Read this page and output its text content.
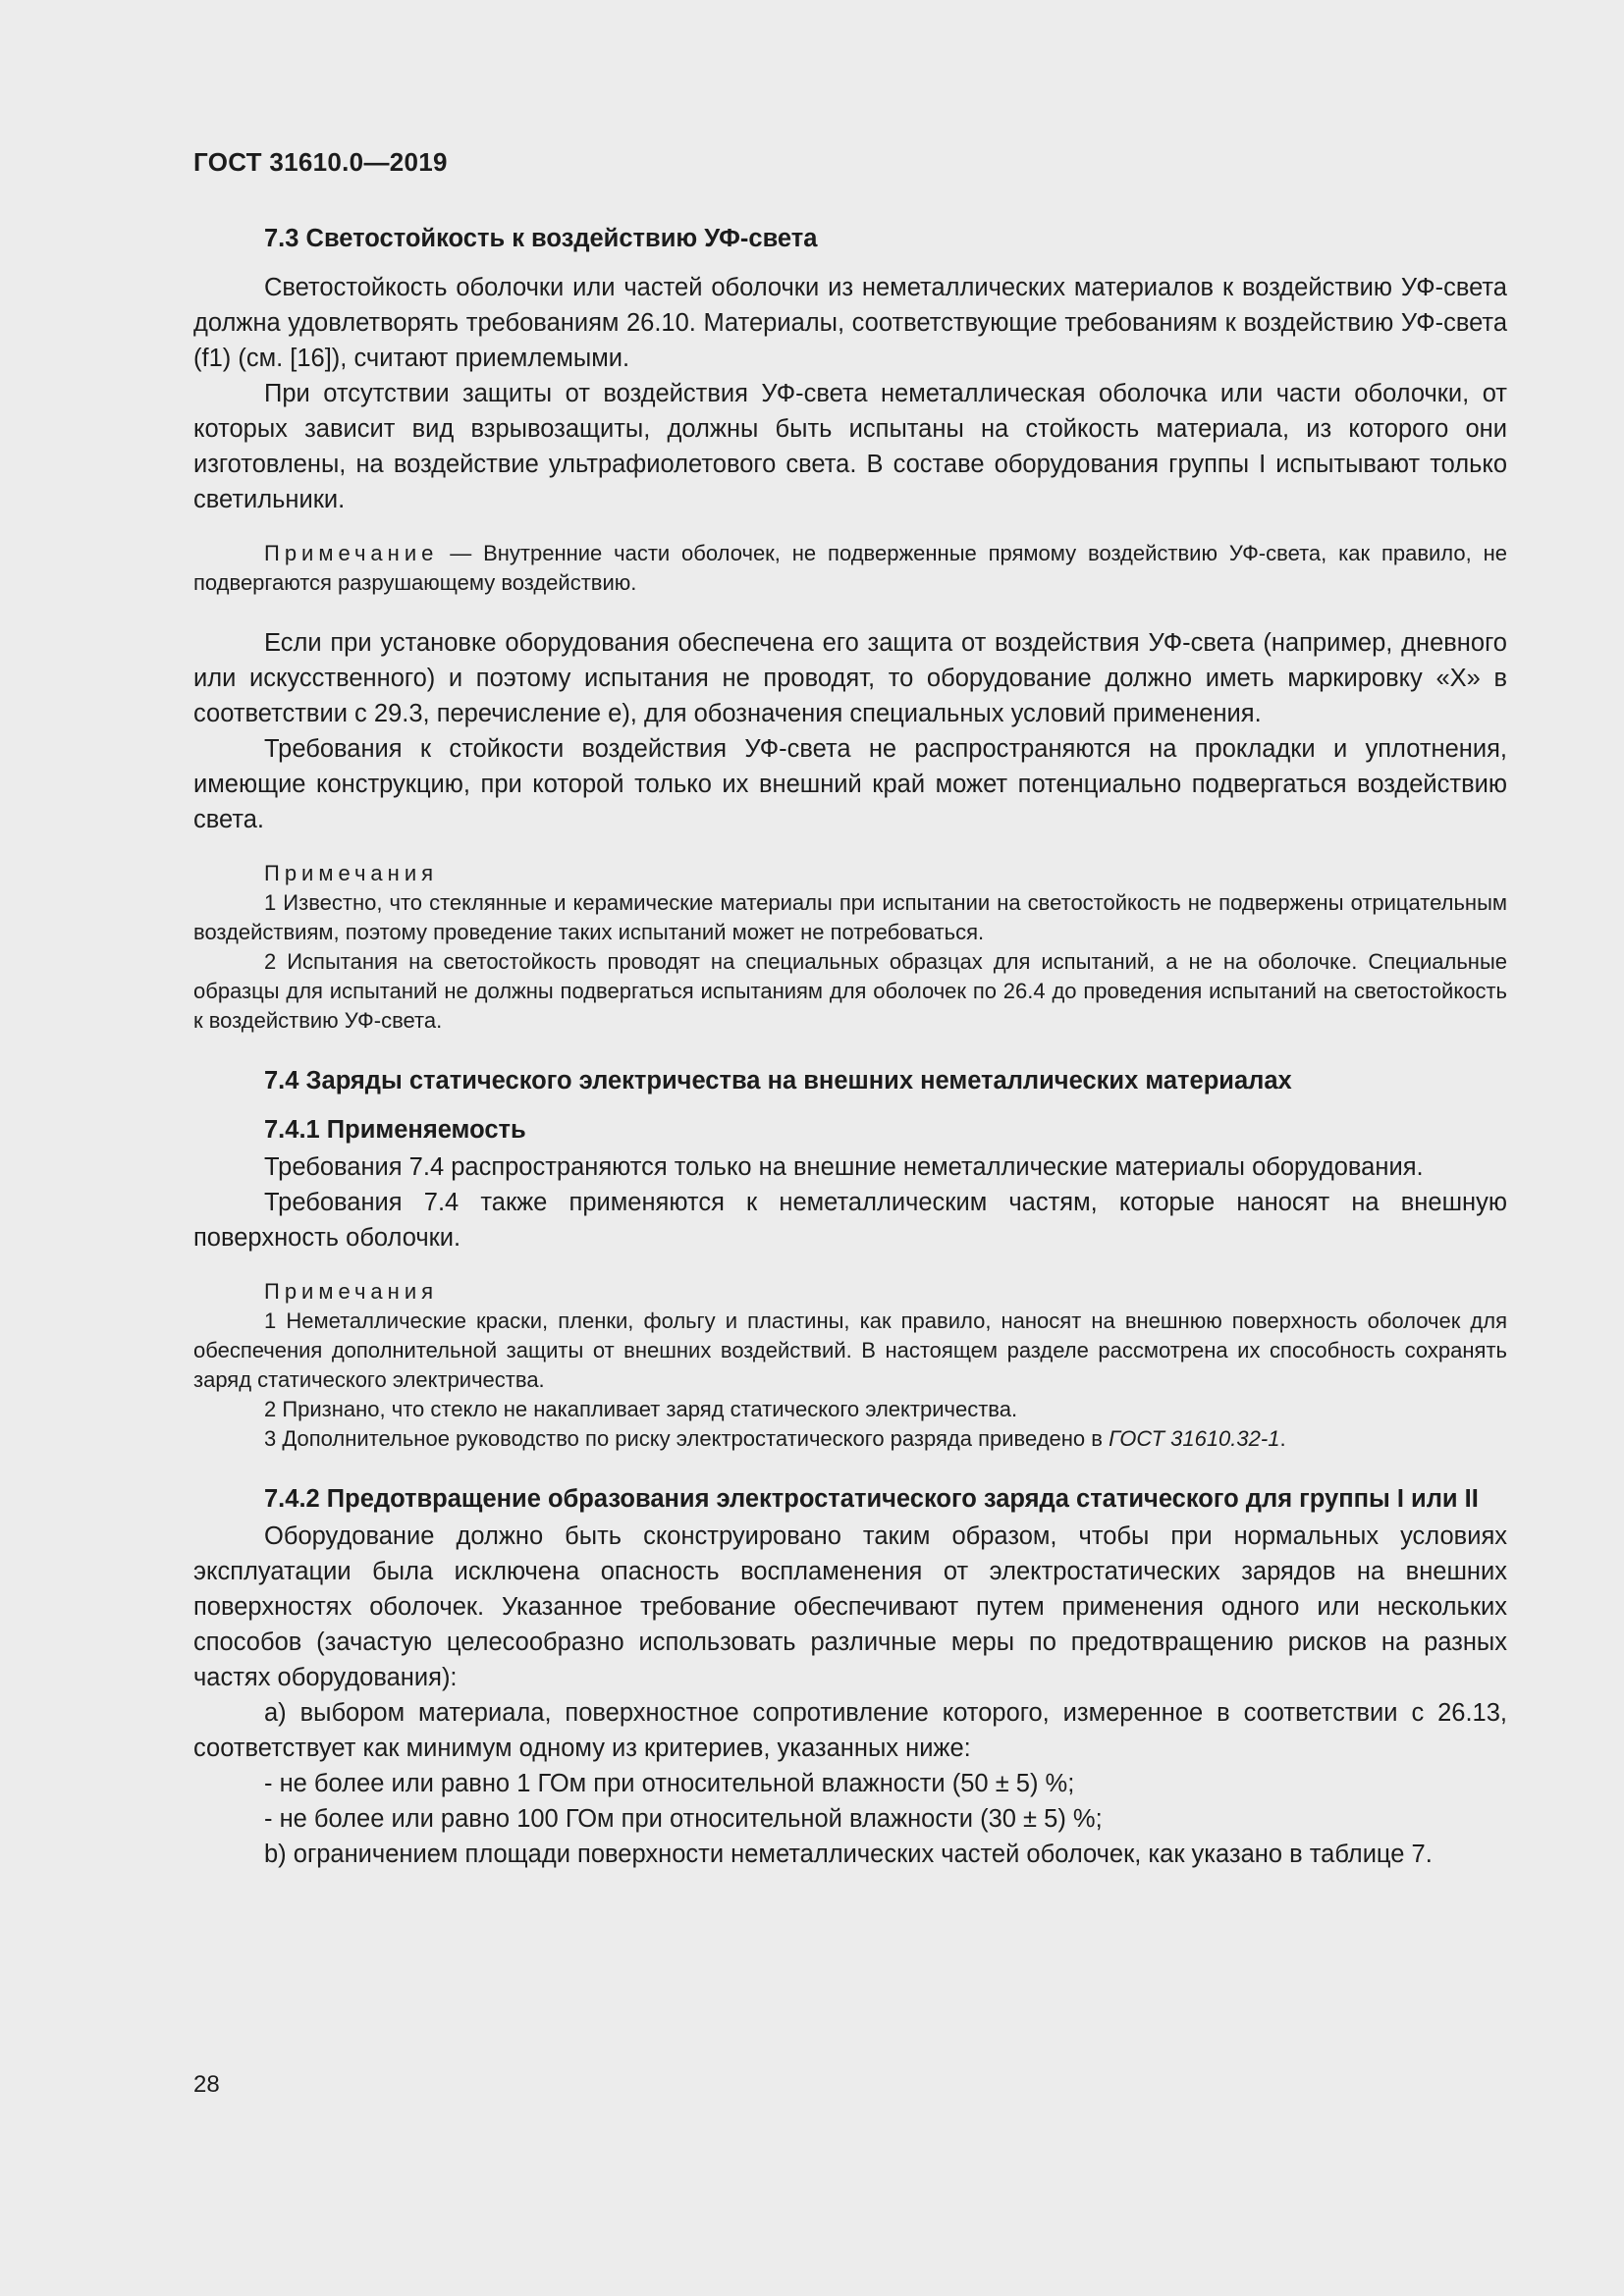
ГОСТ 31610.0—2019
7.3 Светостойкость к воздействию УФ-света

Светостойкость оболочки или частей оболочки из неметаллических материалов к воздействию УФ-света должна удовлетворять требованиям 26.10. Материалы, соответствующие требованиям к воздействию УФ-света (f1) (см. [16]), считают приемлемыми.

При отсутствии защиты от воздействия УФ-света неметаллическая оболочка или части оболочки, от которых зависит вид взрывозащиты, должны быть испытаны на стойкость материала, из которого они изготовлены, на воздействие ультрафиолетового света. В составе оборудования группы I испытывают только светильники.

Примечание — Внутренние части оболочек, не подверженные прямому воздействию УФ-света, как правило, не подвергаются разрушающему воздействию.

Если при установке оборудования обеспечена его защита от воздействия УФ-света (например, дневного или искусственного) и поэтому испытания не проводят, то оборудование должно иметь маркировку «X» в соответствии с 29.3, перечисление е), для обозначения специальных условий применения.

Требования к стойкости воздействия УФ-света не распространяются на прокладки и уплотнения, имеющие конструкцию, при которой только их внешний край может потенциально подвергаться воздействию света.

Примечания

1 Известно, что стеклянные и керамические материалы при испытании на светостойкость не подвержены отрицательным воздействиям, поэтому проведение таких испытаний может не потребоваться.

2 Испытания на светостойкость проводят на специальных образцах для испытаний, а не на оболочке. Специальные образцы для испытаний не должны подвергаться испытаниям для оболочек по 26.4 до проведения испытаний на светостойкость к воздействию УФ-света.

7.4 Заряды статического электричества на внешних неметаллических материалах
7.4.1 Применяемость

Требования 7.4 распространяются только на внешние неметаллические материалы оборудования.

Требования 7.4 также применяются к неметаллическим частям, которые наносят на внешную поверхность оболочки.

Примечания

1 Неметаллические краски, пленки, фольгу и пластины, как правило, наносят на внешнюю поверхность оболочек для обеспечения дополнительной защиты от внешних воздействий. В настоящем разделе рассмотрена их способность сохранять заряд статического электричества.

2 Признано, что стекло не накапливает заряд статического электричества.

3 Дополнительное руководство по риску электростатического разряда приведено в ГОСТ 31610.32-1.

7.4.2 Предотвращение образования электростатического заряда статического для группы I или II

Оборудование должно быть сконструировано таким образом, чтобы при нормальных условиях эксплуатации была исключена опасность воспламенения от электростатических зарядов на внешних поверхностях оболочек. Указанное требование обеспечивают путем применения одного или нескольких способов (зачастую целесообразно использовать различные меры по предотвращению рисков на разных частях оборудования):

a) выбором материала, поверхностное сопротивление которого, измеренное в соответствии с 26.13, соответствует как минимум одному из критериев, указанных ниже:

- не более или равно 1 ГОм при относительной влажности (50 ± 5) %;

- не более или равно 100 ГОм при относительной влажности (30 ± 5) %;

b) ограничением площади поверхности неметаллических частей оболочек, как указано в таблице 7.

28
